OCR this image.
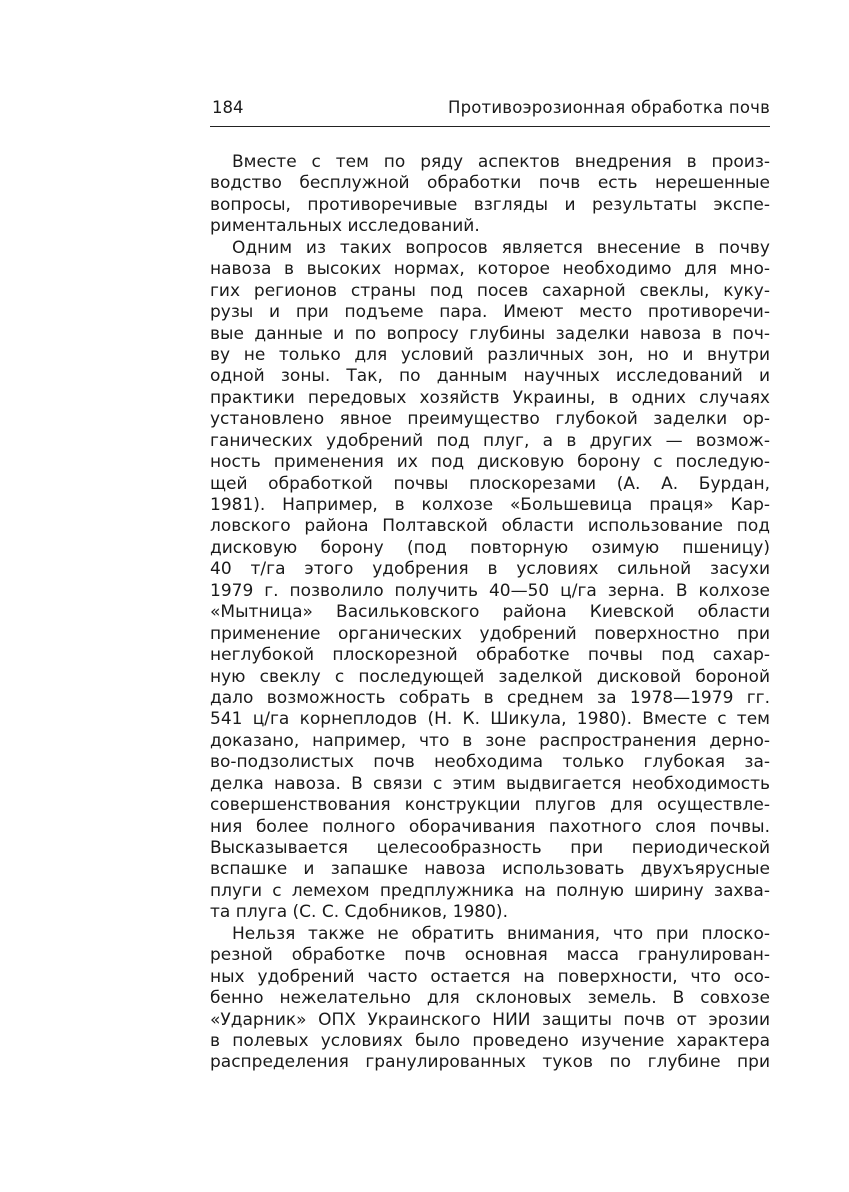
184	Противоэрозионная обработка почв
Вместе с тем по ряду аспектов внедрения в произ-
водство бесплужной обработки почв есть нерешенные
вопросы, противоречивые взгляды и результаты экспе-
риментальных исследований.
Одним из таких вопросов является внесение в почву
навоза в высоких нормах, которое необходимо для мно-
гих регионов страны под посев сахарной свеклы, куку-
рузы и при подъеме пара. Имеют место противоречи-
вые данные и по вопросу глубины заделки навоза в поч-
ву не только для условий различных зон, но и внутри
одной зоны. Так, по данным научных исследований и
практики передовых хозяйств Украины, в одних случаях
установлено явное преимущество глубокой заделки ор-
ганических удобрений под плуг, а в других — возмож-
ность применения их под дисковую борону с последую-
щей обработкой почвы плоскорезами (А. А. Бурдан,
1981). Например, в колхозе «Большевица праця» Кар-
ловского района Полтавской области использование под
дисковую борону (под повторную озимую пшеницу)
40 т/га этого удобрения в условиях сильной засухи
1979 г. позволило получить 40—50 ц/га зерна. В колхозе
«Мытница» Васильковского района Киевской области
применение органических удобрений поверхностно при
неглубокой плоскорезной обработке почвы под сахар-
ную свеклу с последующей заделкой дисковой бороной
дало возможность собрать в среднем за 1978—1979 гг.
541 ц/га корнеплодов (Н. К. Шикула, 1980). Вместе с тем
доказано, например, что в зоне распространения дерно-
во-подзолистых почв необходима только глубокая за-
делка навоза. В связи с этим выдвигается необходимость
совершенствования конструкции плугов для осуществле-
ния более полного оборачивания пахотного слоя почвы.
Высказывается целесообразность при периодической
вспашке и запашке навоза использовать двухъярусные
плуги с лемехом предплужника на полную ширину захва-
та плуга (С. С. Сдобников, 1980).
Нельзя также не обратить внимания, что при плоско-
резной обработке почв основная масса гранулирован-
ных удобрений часто остается на поверхности, что осо-
бенно нежелательно для склоновых земель. В совхозе
«Ударник» ОПХ Украинского НИИ защиты почв от эрозии
в полевых условиях было проведено изучение характера
распределения гранулированных туков по глубине при
